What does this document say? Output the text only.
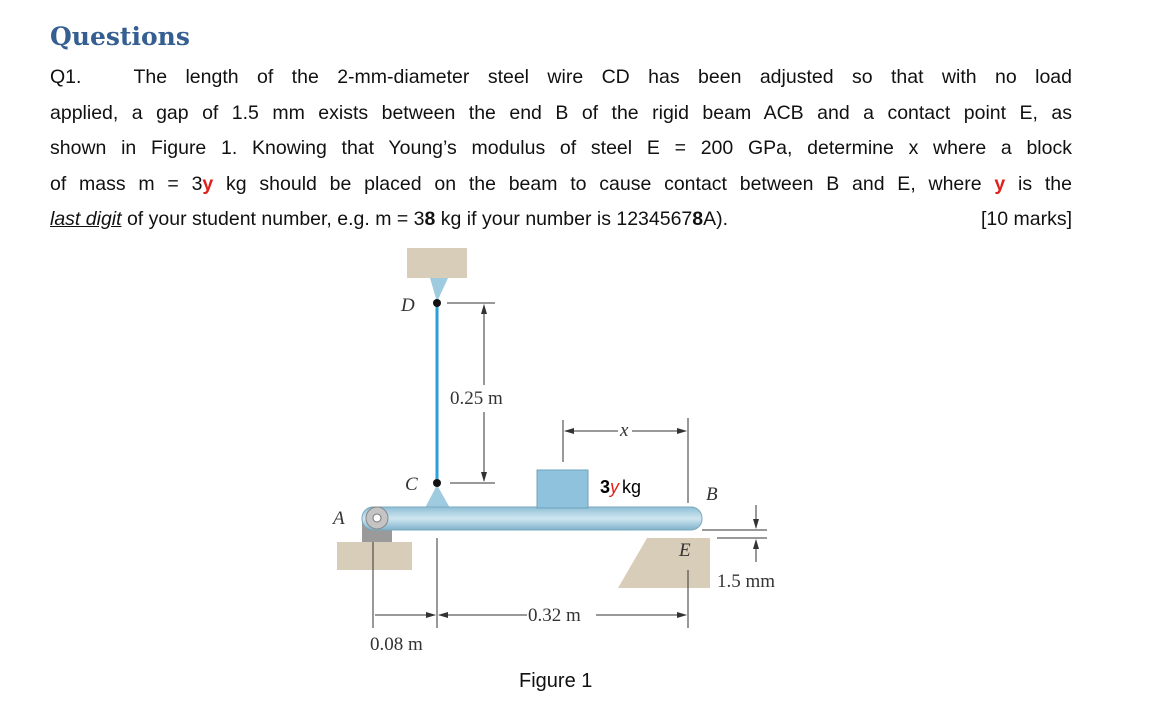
Questions
Q1.	The length of the 2-mm-diameter steel wire CD has been adjusted so that with no load
applied, a gap of 1.5 mm exists between the end B of the rigid beam ACB and a contact point E, as
shown in Figure 1. Knowing that Young’s modulus of steel E = 200 GPa, determine x where a block
of mass m = 3y kg should be placed on the beam to cause contact between B and E, where y is the
last digit of your student number, e.g. m = 38 kg if your number is 12345678A).	[10 marks]
D
C
A
B
E
0.25 m
x
1.5 mm
0.32 m
0.08 m
3y kg
Figure 1
